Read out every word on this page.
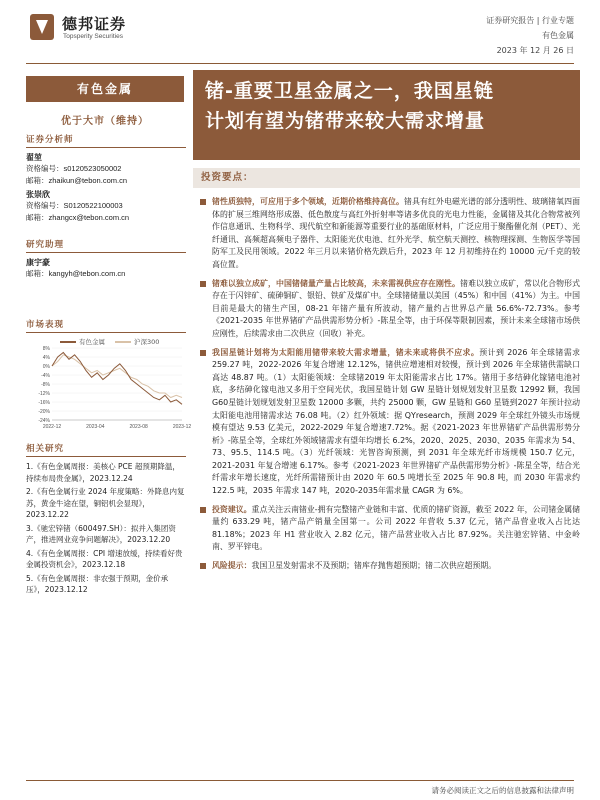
德邦证券
Topsperity Securities
证券研究报告 | 行业专题
有色金属
2023 年 12 月 26 日
有色金属
优于大市（维持）
锗-重要卫星金属之一，我国星链
计划有望为锗带来较大需求增量
证券分析师
翟堃
资格编号：s0120523050002
邮箱：zhaikun@tebon.com.cn
张崇欣
资格编号：S0120522100003
邮箱：zhangcx@tebon.com.cn
研究助理
康宇豪
邮箱：kangyh@tebon.com.cn
市场表现
有色金属	沪深300
-24%
-20%
-16%
-12%
-8%
-4%
0%
4%
8%
2022-12	2023-04	2023-08	2023-12
相关研究
1.《有色金属周报：美核心 PCE 超预期降温，持续布局贵金属》，2023.12.24
2.《有色金属行业 2024 年度策略：外降息内复苏，黄金牛途在望，铜铝机会显现》，2023.12.22
3.《驰宏锌锗（600497.SH）：拟并入集团资产，推进网业竞争问题解决》，2023.12.20
4.《有色金属周报：CPI 增速放缓，持续看好贵金属投资机会》，2023.12.18
5.《有色金属周报：非农强于预期，金价承压》，2023.12.12
投资要点：
锗性质独特，可应用于多个领域，近期价格维持高位。锗具有红外电磁光谱的部分透明性、玻璃锗氧四面体的扩展三维网络形成器、低色散度与高红外折射率等诸多优良的光电力性能，金属锗及其化合物常被列作信息通讯、生物科学、现代航空和新能源等重要行业的基础原材料，广泛应用于聚酯催化剂（PET）、光纤通讯、高频超高频电子器件、太阳能光伏电池、红外光学、航空航天测控、核物理探测、生物医学等国防军工及民用领域。2022 年三月以来锗价格先跌后升，2023 年 12 月初维持在约 10000 元/千克的较高位置。
锗难以独立成矿，中国锗储量产量占比较高，未来需视供应存在刚性。锗难以独立成矿，常以化合物形式存在于闪锌矿、硫砷铜矿、银铅、铁矿及煤矿中。全球锗储量以美国（45%）和中国（41%）为主。中国目前是最大的锗生产国，08-21 年锗产量有所波动，锗产量约占世界总产量 56.6%-72.73%。参考《2021-2035 年世界锗矿产品供需形势分析》-陈星全等，由于环保等限制因素，预计未来全球锗市场供应刚性，后续需求由二次供应（回收）补充。
我国星链计划将为太阳能用锗带来较大需求增量，锗未来或将供不应求。预计到 2026 年全球锗需求 259.27 吨，2022-2026 年复合增速 12.12%，锗供应增速相对较慢，预计到 2026 年全球锗供需缺口高达 48.87 吨。（1）太阳能领域：全球锗2019 年太阳能需求占比 17%。锗用于多结砷化镓锗电池衬底，多结砷化镓电池又多用于空间光伏，我国星链计划 GW 星链计划规划发射卫星数 12992 颗，我国 G60星链计划规划发射卫星数 12000 多颗，共约 25000 颗，GW 星链和 G60 星链到2027 年预计拉动太阳能电池用锗需求达 76.08 吨。（2）红外领域：据 QYresearch，预测 2029 年全球红外镜头市场规模有望达 9.53 亿美元，2022-2029 年复合增速7.72%。据《2021-2023 年世界锗矿产品供需形势分析》-陈星全等，全球红外领域锗需求有望年均增长 6.2%，2020、2025、2030、2035 年需求为 54、73、95.5、114.5 吨。（3）光纤领域：光智咨询预测，到 2031 年全球光纤市场规模 150.7 亿元，2021-2031 年复合增速 6.17%。参考《2021-2023 年世界锗矿产品供需形势分析》-陈星全等，结合光纤需求年增长速度，光纤所需锗预计由 2020 年 60.5 吨增长至 2025 年 90.8 吨，而 2030 年需求约 122.5 吨，2035 年需求 147 吨，2020-2035年需求量 CAGR 为 6%。
投资建议。重点关注云南锗业-拥有完整锗产业链和丰富、优质的锗矿资源，截至 2022 年，公司锗金属储量约 633.29 吨，锗产品产销量全国第一。公司 2022 年营收 5.37 亿元，锗产品营业收入占比达 81.18%；2023 年 H1 营业收入 2.82 亿元，锗产品营业收入占比 87.92%。关注驰宏锌锗、中金岭南、罗平锌电。
风险提示：我国卫星发射需求不及预期；锗库存抛售超预期；锗二次供应超预期。
请务必阅读正文之后的信息披露和法律声明
